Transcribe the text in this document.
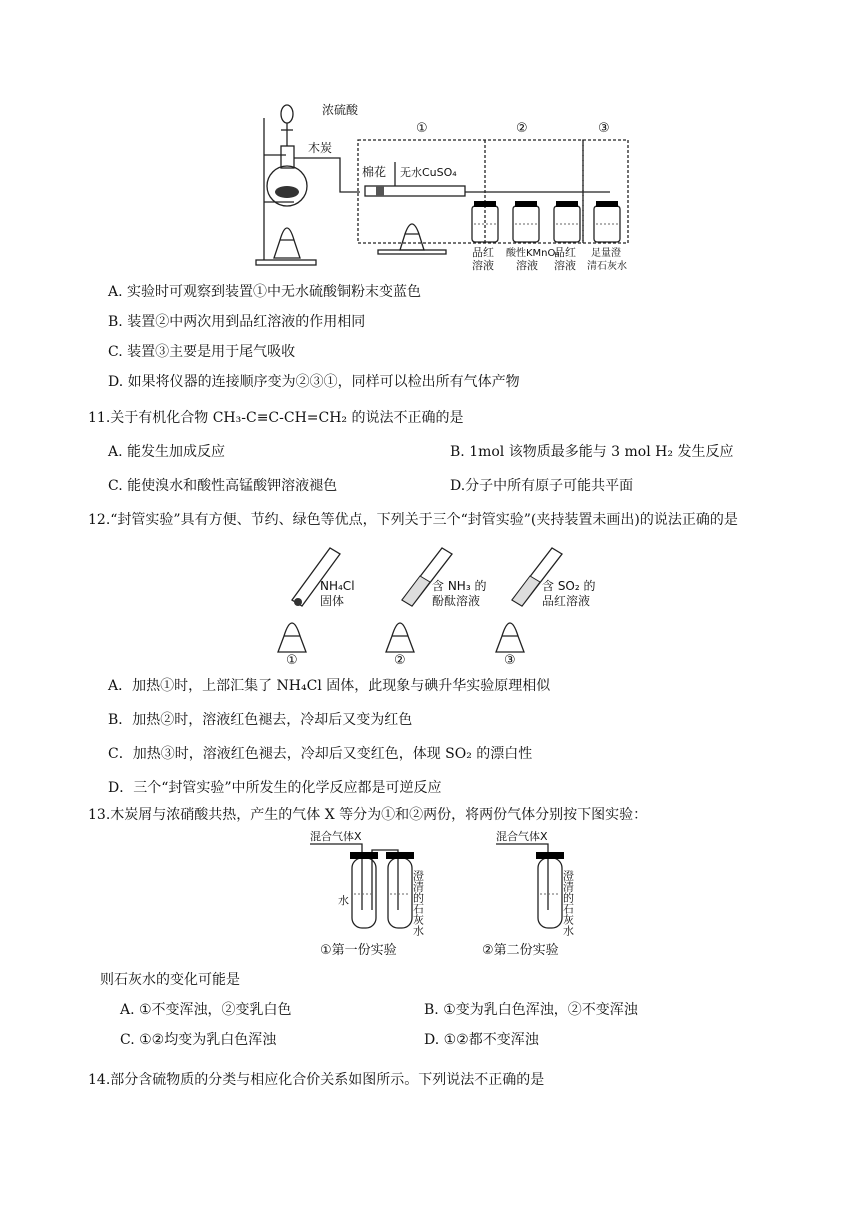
①	②	③
浓硫酸
木炭
棉花 无水CuSO₄
品红
溶液
酸性KMnO₄
溶液
品红
溶液
足量澄
清石灰水
A. 实验时可观察到装置①中无水硫酸铜粉末变蓝色
B. 装置②中两次用到品红溶液的作用相同
C. 装置③主要是用于尾气吸收
D. 如果将仪器的连接顺序变为②③①，同样可以检出所有气体产物
11.关于有机化合物 CH₃-C≡C-CH=CH₂ 的说法不正确的是
A. 能发生加成反应	B. 1mol 该物质最多能与 3 mol H₂ 发生反应
C. 能使溴水和酸性高锰酸钾溶液褪色	D.分子中所有原子可能共平面
12.“封管实验”具有方便、节约、绿色等优点，下列关于三个“封管实验”(夹持装置未画出)的说法正确的是
NH₄Cl
固体
含 NH₃ 的
酚酞溶液
含 SO₂ 的
品红溶液
①	②	③
A．加热①时，上部汇集了 NH₄Cl 固体，此现象与碘升华实验原理相似
B．加热②时，溶液红色褪去，冷却后又变为红色
C．加热③时，溶液红色褪去，冷却后又变红色，体现 SO₂ 的漂白性
D．三个“封管实验”中所发生的化学反应都是可逆反应
13.木炭屑与浓硝酸共热，产生的气体 X 等分为①和②两份，将两份气体分别按下图实验：
混合气体X	混合气体X
水	澄清的石灰水	澄清的石灰水
①第一份实验	②第二份实验
则石灰水的变化可能是
A. ①不变浑浊，②变乳白色	B. ①变为乳白色浑浊，②不变浑浊
C. ①②均变为乳白色浑浊	D. ①②都不变浑浊
14.部分含硫物质的分类与相应化合价关系如图所示。下列说法不正确的是
